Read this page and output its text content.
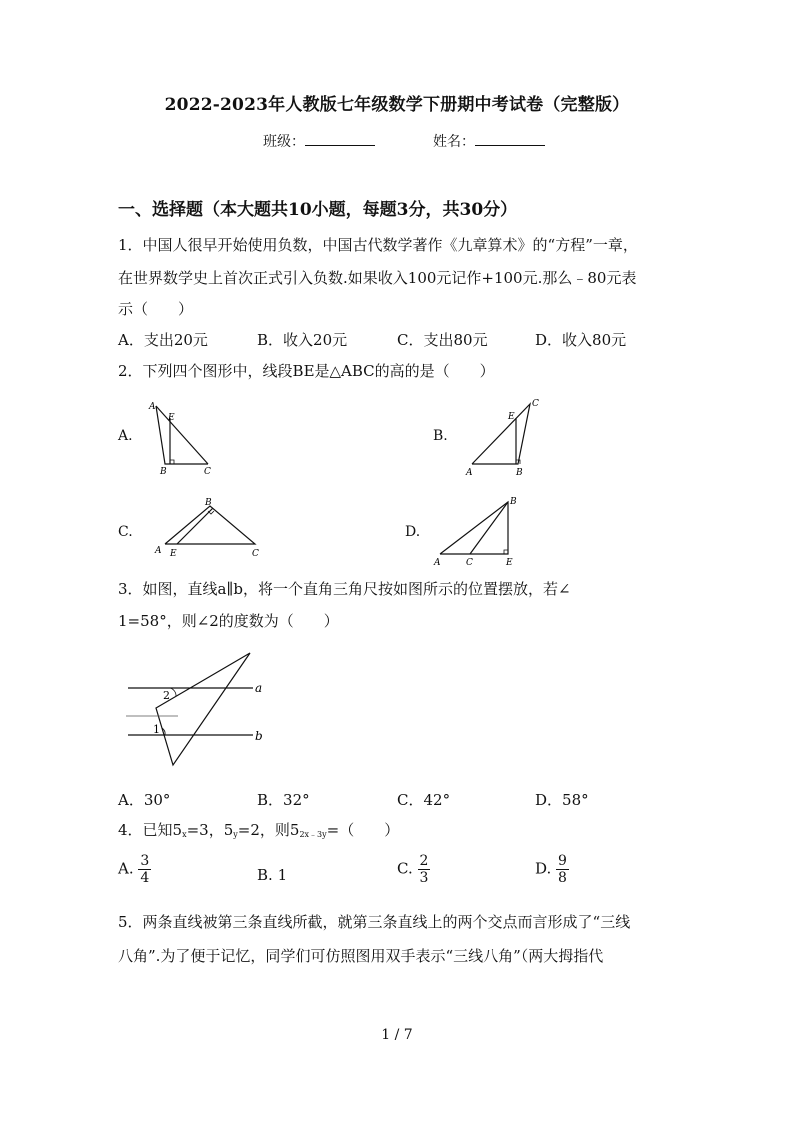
2022-2023年人教版七年级数学下册期中考试卷（完整版）
班级：	姓名：
一、选择题（本大题共10小题，每题3分，共30分）
1．中国人很早开始使用负数，中国古代数学著作《九章算术》的“方程”一章，
在世界数学史上首次正式引入负数.如果收入100元记作+100元.那么﹣80元表
示（　　）
A．支出20元	B．收入20元	C．支出80元	D．收入80元
2．下列四个图形中，线段BE是△ABC的高的是（　　）
A.
A
E
B	C
B.
A
E
C
B
C.
A E
B
C
D.
A	C
B
E
3．如图，直线a∥b，将一个直角三角尺按如图所示的位置摆放，若∠
1=58°，则∠2的度数为（　　）
a
b
2
1
A．30°	B．32°	C．42°	D．58°
4．已知$5_x=3$，$5_y=2$，则$5_{2x﹣3y}=$（　　）
A. $\frac{3}{4}$	B. 1	C. $\frac{2}{3}$	D. $\frac{9}{8}$
5．两条直线被第三条直线所截，就第三条直线上的两个交点而言形成了“三线
八角”.为了便于记忆，同学们可仿照图用双手表示“三线八角”（两大拇指代
1 / 7
